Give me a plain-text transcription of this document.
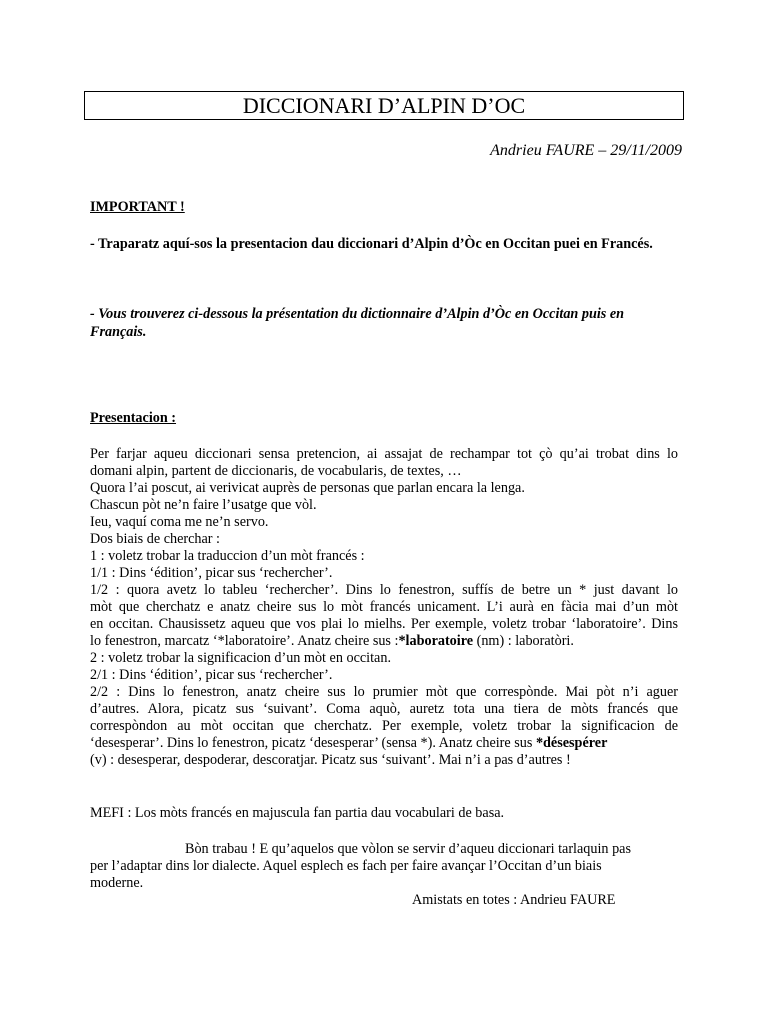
DICCIONARI D’ALPIN D’OC
Andrieu FAURE – 29/11/2009
IMPORTANT !
- Traparatz aquí-sos la presentacion dau diccionari d’Alpin d’Òc en Occitan puei en Francés.
- Vous trouverez ci-dessous la présentation du dictionnaire d’Alpin d’Òc en Occitan puis en Français.
Presentacion :
Per farjar aqueu diccionari sensa pretencion, ai assajat de rechampar tot çò qu’ai trobat dins lo
domani alpin, partent de diccionaris, de vocabularis, de textes, …
Quora l’ai poscut, ai verivicat auprès de personas que parlan encara la lenga.
Chascun pòt ne’n faire l’usatge que vòl.
Ieu, vaquí coma me ne’n servo.
Dos biais de cherchar :
1 : voletz trobar la traduccion d’un mòt francés :
1/1 : Dins ‘édition’, picar sus ‘rechercher’.
1/2 : quora avetz lo tableu ‘rechercher’. Dins lo fenestron, suffís de betre un * just davant lo
mòt que cherchatz e anatz cheire sus lo mòt francés unicament. L’i aurà en fàcia mai d’un mòt
en occitan. Chausissetz aqueu que vos plai lo mielhs. Per exemple, voletz trobar ‘laboratoire’. Dins
lo fenestron, marcatz ‘*laboratoire’. Anatz cheire sus :*laboratoire (nm) : laboratòri.
2 : voletz trobar la significacion d’un mòt en occitan.
2/1 : Dins ‘édition’, picar sus ‘rechercher’.
2/2 : Dins lo fenestron, anatz cheire sus lo prumier mòt que correspònde. Mai pòt n’i aguer
d’autres. Alora, picatz sus ‘suivant’. Coma aquò, auretz tota una tiera de mòts francés que
correspòndon au mòt occitan que cherchatz. Per exemple, voletz trobar la significacion de
‘desesperar’. Dins lo fenestron, picatz ‘desesperar’ (sensa *). Anatz cheire sus *désespérer
(v) : desesperar, despoderar, descoratjar. Picatz sus ‘suivant’. Mai n’i a pas d’autres !
MEFI : Los mòts francés en majuscula fan partia dau vocabulari de basa.
Bòn trabau ! E qu’aquelos que vòlon se servir d’aqueu diccionari tarlaquin pas
per l’adaptar dins lor dialecte. Aquel esplech es fach per faire avançar l’Occitan d’un biais
moderne.
Amistats en totes : Andrieu FAURE
